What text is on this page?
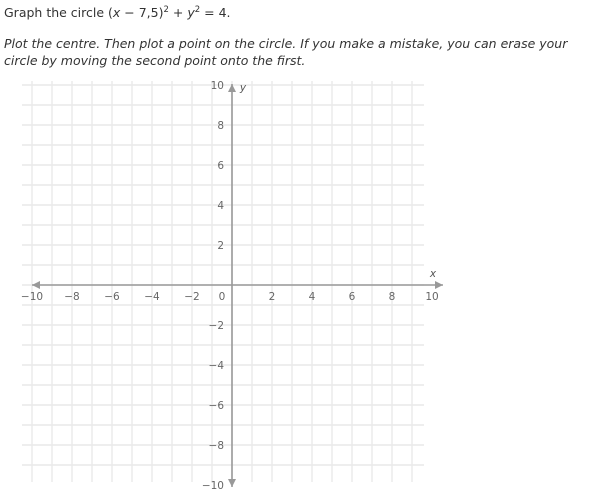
Graph the circle $(x - 7,5)^2 + y^2 = 4$.
Plot the centre. Then plot a point on the circle. If you make a mistake, you can erase your circle by moving the second point onto the first.
−10 −8 −6 −4 −2 0	2	4	6	8	10
10
8
6
4
2
−2
−4
−6
−8
−10
x
y
